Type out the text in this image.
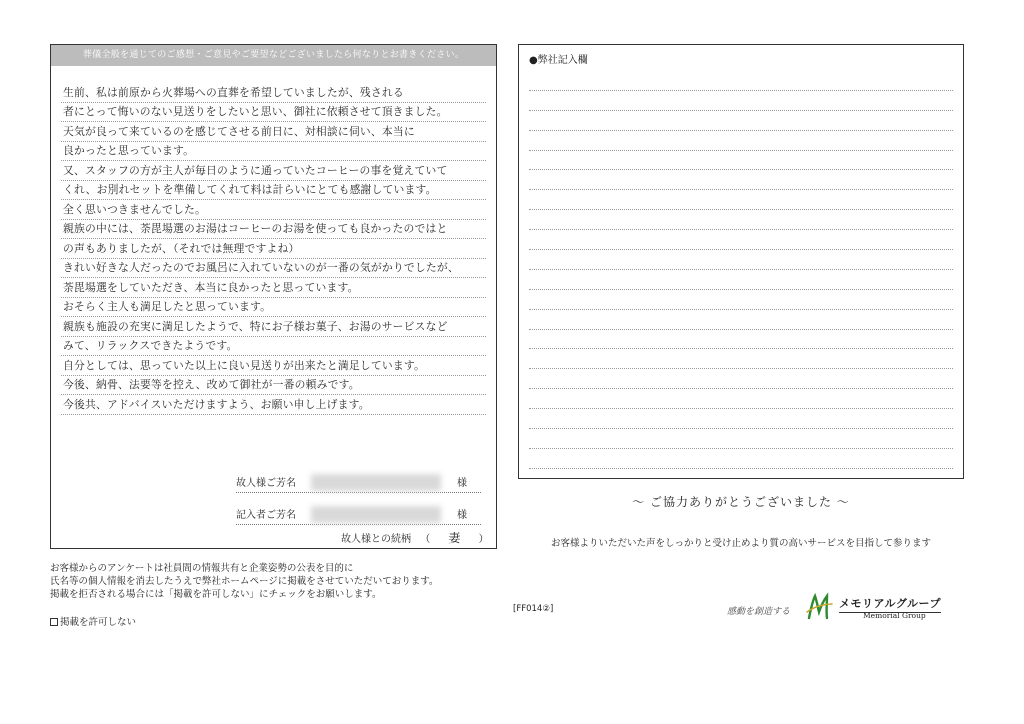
葬儀全般を通じてのご感想・ご意見やご要望などございましたら何なりとお書きください。
生前、私は前原から火葬場への直葬を希望していましたが、残される
者にとって悔いのない見送りをしたいと思い、御社に依頼させて頂きました。
天気が良って来ているのを感じてさせる前日に、対相談に伺い、本当に
良かったと思っています。
又、スタッフの方が主人が毎日のように通っていたコーヒーの事を覚えていて
くれ、お別れセットを準備してくれて料は計らいにとても感謝しています。
全く思いつきませんでした。
親族の中には、荼毘場選のお湯はコーヒーのお湯を使っても良かったのではと
の声もありましたが、（それでは無理ですよね）
きれい好きな人だったのでお風呂に入れていないのが一番の気がかりでしたが、
荼毘場選をしていただき、本当に良かったと思っています。
おそらく主人も満足したと思っています。
親族も施設の充実に満足したようで、特にお子様お菓子、お湯のサービスなど
みて、リラックスできたようです。
自分としては、思っていた以上に良い見送りが出来たと満足しています。
今後、納骨、法要等を控え、改めて御社が一番の頼みです。
今後共、アドバイスいただけますよう、お願い申し上げます。
故人様ご芳名	様
記入者ご芳名	様
故人様との続柄 （ 妻 ）
●弊社記入欄
～ ご協力ありがとうございました ～
お客様よりいただいた声をしっかりと受け止めより質の高いサービスを目指して参ります
お客様からのアンケートは社員間の情報共有と企業姿勢の公表を目的に
氏名等の個人情報を消去したうえで弊社ホームページに掲載をさせていただいております。
掲載を拒否される場合には「掲載を許可しない」にチェックをお願いします。
掲載を許可しない
[FF014②]	感動を創造する
メモリアルグループ
Memorial Group
